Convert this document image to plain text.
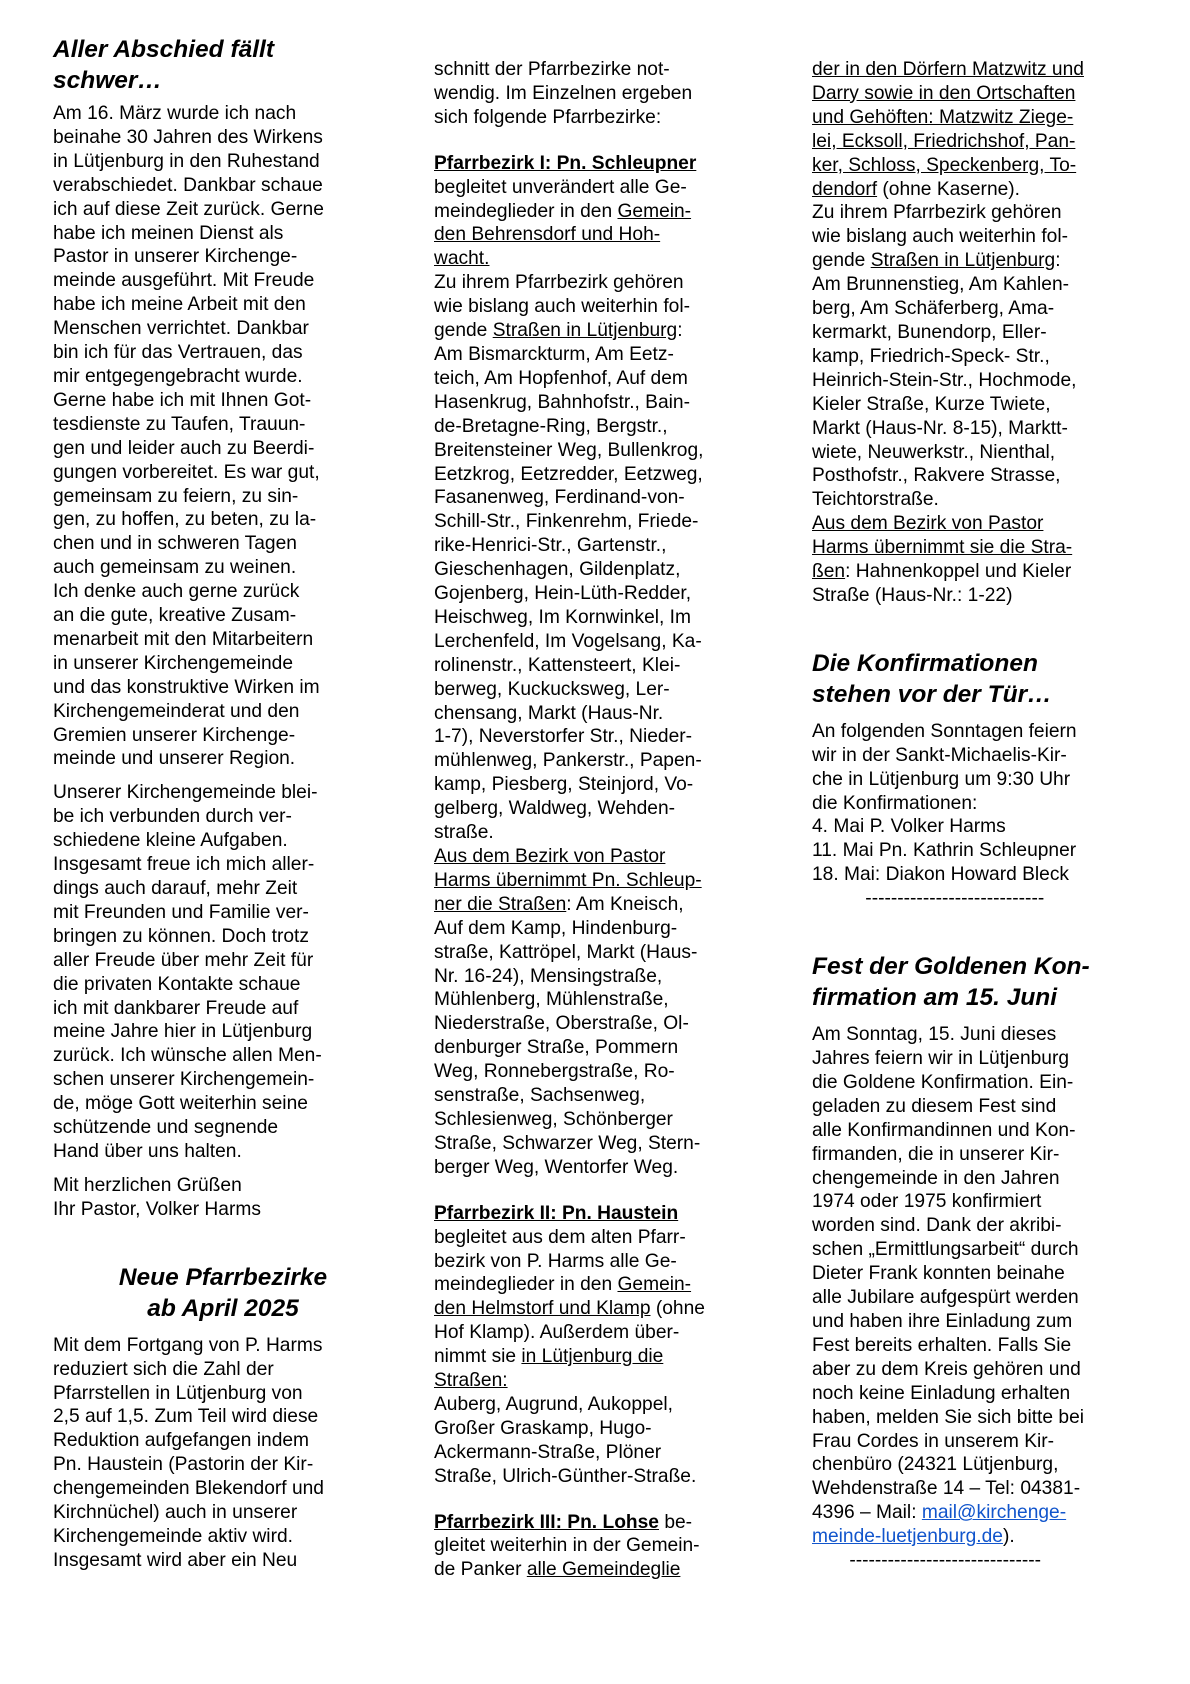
Aller Abschied fällt
schwer…

Am 16. März wurde ich nach
beinahe 30 Jahren des Wirkens
in Lütjenburg in den Ruhestand
verabschiedet. Dankbar schaue
ich auf diese Zeit zurück. Gerne
habe ich meinen Dienst als
Pastor in unserer Kirchenge-
meinde ausgeführt. Mit Freude
habe ich meine Arbeit mit den
Menschen verrichtet. Dankbar
bin ich für das Vertrauen, das
mir entgegengebracht wurde.
Gerne habe ich mit Ihnen Got-
tesdienste zu Taufen, Trauun-
gen und leider auch zu Beerdi-
gungen vorbereitet. Es war gut,
gemeinsam zu feiern, zu sin-
gen, zu hoffen, zu beten, zu la-
chen und in schweren Tagen
auch gemeinsam zu weinen.
Ich denke auch gerne zurück
an die gute, kreative Zusam-
menarbeit mit den Mitarbeitern
in unserer Kirchengemeinde
und das konstruktive Wirken im
Kirchengemeinderat und den
Gremien unserer Kirchenge-
meinde und unserer Region.

Unserer Kirchengemeinde blei-
be ich verbunden durch ver-
schiedene kleine Aufgaben.
Insgesamt freue ich mich aller-
dings auch darauf, mehr Zeit
mit Freunden und Familie ver-
bringen zu können. Doch trotz
aller Freude über mehr Zeit für
die privaten Kontakte schaue
ich mit dankbarer Freude auf
meine Jahre hier in Lütjenburg
zurück. Ich wünsche allen Men-
schen unserer Kirchengemein-
de, möge Gott weiterhin seine
schützende und segnende
Hand über uns halten.

Mit herzlichen Grüßen
Ihr Pastor, Volker Harms

Neue Pfarrbezirke
ab April 2025

Mit dem Fortgang von P. Harms
reduziert sich die Zahl der
Pfarrstellen in Lütjenburg von
2,5 auf 1,5. Zum Teil wird diese
Reduktion aufgefangen indem
Pn. Haustein (Pastorin der Kir-
chengemeinden Blekendorf und
Kirchnüchel) auch in unserer
Kirchengemeinde aktiv wird.
Insgesamt wird aber ein Neu

schnitt der Pfarrbezirke not-
wendig. Im Einzelnen ergeben
sich folgende Pfarrbezirke:

Pfarrbezirk I: Pn. Schleupner
begleitet unverändert alle Ge-
meindeglieder in den Gemein-
den Behrensdorf und Hoh-
wacht.
Zu ihrem Pfarrbezirk gehören
wie bislang auch weiterhin fol-
gende Straßen in Lütjenburg:
Am Bismarckturm, Am Eetz-
teich, Am Hopfenhof, Auf dem
Hasenkrug, Bahnhofstr., Bain-
de-Bretagne-Ring, Bergstr.,
Breitensteiner Weg, Bullenkrog,
Eetzkrog, Eetzredder, Eetzweg,
Fasanenweg, Ferdinand-von-
Schill-Str., Finkenrehm, Friede-
rike-Henrici-Str., Gartenstr.,
Gieschenhagen, Gildenplatz,
Gojenberg, Hein-Lüth-Redder,
Heischweg, Im Kornwinkel, Im
Lerchenfeld, Im Vogelsang, Ka-
rolinenstr., Kattensteert, Klei-
berweg, Kuckucksweg, Ler-
chensang, Markt (Haus-Nr.
1-7), Neverstorfer Str., Nieder-
mühlenweg, Pankerstr., Papen-
kamp, Piesberg, Steinjord, Vo-
gelberg, Waldweg, Wehden-
straße.
Aus dem Bezirk von Pastor
Harms übernimmt Pn. Schleup-
ner die Straßen: Am Kneisch,
Auf dem Kamp, Hindenburg-
straße, Kattröpel, Markt (Haus-
Nr. 16-24), Mensingstraße,
Mühlenberg, Mühlenstraße,
Niederstraße, Oberstraße, Ol-
denburger Straße, Pommern
Weg, Ronnebergstraße, Ro-
senstraße, Sachsenweg,
Schlesienweg, Schönberger
Straße, Schwarzer Weg, Stern-
berger Weg, Wentorfer Weg.

Pfarrbezirk II: Pn. Haustein
begleitet aus dem alten Pfarr-
bezirk von P. Harms alle Ge-
meindeglieder in den Gemein-
den Helmstorf und Klamp (ohne
Hof Klamp). Außerdem über-
nimmt sie in Lütjenburg die
Straßen:
Auberg, Augrund, Aukoppel,
Großer Graskamp, Hugo-
Ackermann-Straße, Plöner
Straße, Ulrich-Günther-Straße.

Pfarrbezirk III: Pn. Lohse be-
gleitet weiterhin in der Gemein-
de Panker alle Gemeindeglie

der in den Dörfern Matzwitz und
Darry sowie in den Ortschaften
und Gehöften: Matzwitz Ziege-
lei, Ecksoll, Friedrichshof, Pan-
ker, Schloss, Speckenberg, To-
dendorf (ohne Kaserne).
Zu ihrem Pfarrbezirk gehören
wie bislang auch weiterhin fol-
gende Straßen in Lütjenburg:
Am Brunnenstieg, Am Kahlen-
berg, Am Schäferberg, Ama-
kermarkt, Bunendorp, Eller-
kamp, Friedrich-Speck- Str.,
Heinrich-Stein-Str., Hochmode,
Kieler Straße, Kurze Twiete,
Markt (Haus-Nr. 8-15), Marktt-
wiete, Neuwerkstr., Nienthal,
Posthofstr., Rakvere Strasse,
Teichtorstraße.
Aus dem Bezirk von Pastor
Harms übernimmt sie die Stra-
ßen: Hahnenkoppel und Kieler
Straße (Haus-Nr.: 1-22)

Die Konfirmationen
stehen vor der Tür…

An folgenden Sonntagen feiern
wir in der Sankt-Michaelis-Kir-
che in Lütjenburg um 9:30 Uhr
die Konfirmationen:
4. Mai P. Volker Harms
11. Mai Pn. Kathrin Schleupner
18. Mai: Diakon Howard Bleck

----------------------------

Fest der Goldenen Kon-
firmation am 15. Juni

Am Sonntag, 15. Juni dieses
Jahres feiern wir in Lütjenburg
die Goldene Konfirmation. Ein-
geladen zu diesem Fest sind
alle Konfirmandinnen und Kon-
firmanden, die in unserer Kir-
chengemeinde in den Jahren
1974 oder 1975 konfirmiert
worden sind. Dank der akribi-
schen „Ermittlungsarbeit“ durch
Dieter Frank konnten beinahe
alle Jubilare aufgespürt werden
und haben ihre Einladung zum
Fest bereits erhalten. Falls Sie
aber zu dem Kreis gehören und
noch keine Einladung erhalten
haben, melden Sie sich bitte bei
Frau Cordes in unserem Kir-
chenbüro (24321 Lütjenburg,
Wehdenstraße 14 – Tel: 04381-
4396 – Mail: mail@kirchenge-
meinde-luetjenburg.de).

------------------------------
